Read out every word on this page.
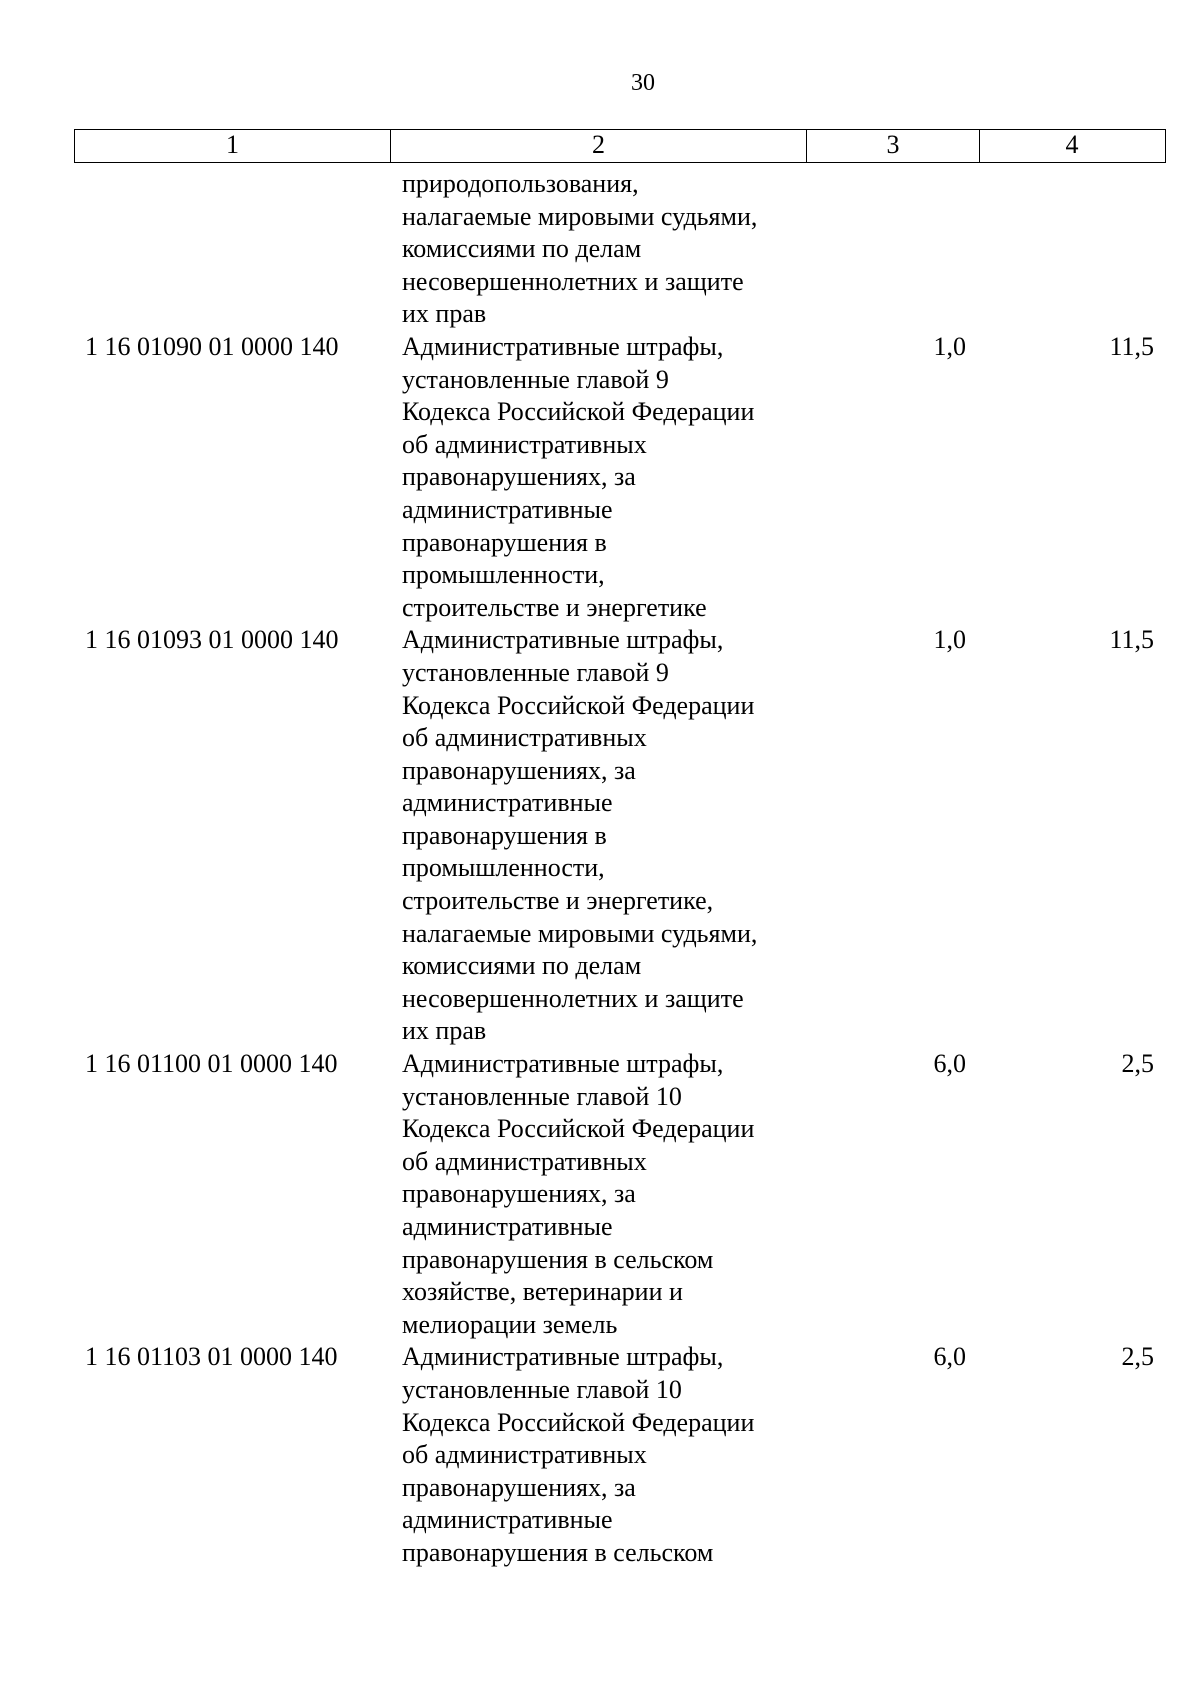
30
1	2	3	4
природопользования,
налагаемые мировыми судьями,
комиссиями по делам
несовершеннолетних и защите
их прав
1 16 01090 01 0000 140 Административные штрафы,
установленные главой 9
Кодекса Российской Федерации
об административных
правонарушениях, за
административные
правонарушения в
промышленности,
строительстве и энергетике
1,0	11,5
1 16 01093 01 0000 140 Административные штрафы,
установленные главой 9
Кодекса Российской Федерации
об административных
правонарушениях, за
административные
правонарушения в
промышленности,
строительстве и энергетике,
налагаемые мировыми судьями,
комиссиями по делам
несовершеннолетних и защите
их прав
1,0	11,5
1 16 01100 01 0000 140 Административные штрафы,
установленные главой 10
Кодекса Российской Федерации
об административных
правонарушениях, за
административные
правонарушения в сельском
хозяйстве, ветеринарии и
мелиорации земель
6,0	2,5
1 16 01103 01 0000 140 Административные штрафы,
установленные главой 10
Кодекса Российской Федерации
об административных
правонарушениях, за
административные
правонарушения в сельском
6,0	2,5
